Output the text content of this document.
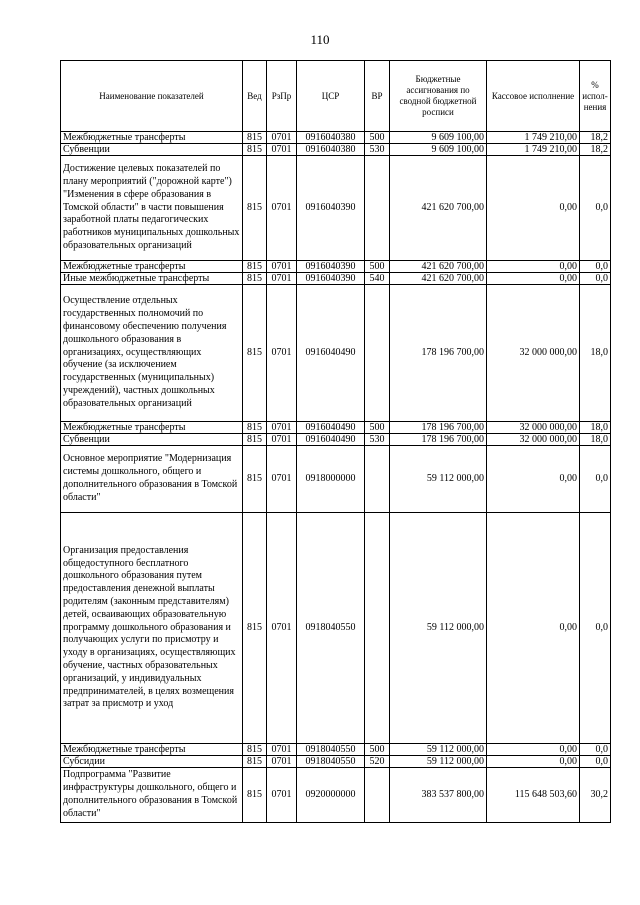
110
Наименование показателей	Вед	РзПр	ЦСР	ВР	Бюджетные ассигнования по сводной бюджетной росписи	Кассовое исполнение	% испол-нения
Межбюджетные трансферты	815	0701	0916040380	500	9 609 100,00	1 749 210,00	18,2
Субвенции	815	0701	0916040380	530	9 609 100,00	1 749 210,00	18,2

Достижение целевых показателей по плану мероприятий ("дорожной карте") "Изменения в сфере образования в Томской области" в части повышения заработной платы педагогических работников муниципальных дошкольных образовательных организаций	815	0701	0916040390		421 620 700,00	0,00	0,0
Межбюджетные трансферты	815	0701	0916040390	500	421 620 700,00	0,00	0,0
Иные межбюджетные трансферты	815	0701	0916040390	540	421 620 700,00	0,00	0,0
Осуществление отдельных государственных полномочий по финансовому обеспечению получения дошкольного образования в организациях, осуществляющих обучение (за исключением государственных (муниципальных) учреждений), частных дошкольных образовательных организаций	815	0701	0916040490		178 196 700,00	32 000 000,00	18,0
Межбюджетные трансферты	815	0701	0916040490	500	178 196 700,00	32 000 000,00	18,0
Субвенции	815	0701	0916040490	530	178 196 700,00	32 000 000,00	18,0
Основное мероприятие "Модернизация системы дошкольного, общего и дополнительного образования в Томской области"	815	0701	0918000000		59 112 000,00	0,00	0,0
Организация предоставления общедоступного бесплатного дошкольного образования путем предоставления денежной выплаты родителям (законным представителям) детей, осваивающих образовательную программу дошкольного образования и получающих услуги по присмотру и уходу в организациях, осуществляющих обучение, частных образовательных организаций, у индивидуальных предпринимателей, в целях возмещения затрат за присмотр и уход	815	0701	0918040550		59 112 000,00	0,00	0,0
Межбюджетные трансферты	815	0701	0918040550	500	59 112 000,00	0,00	0,0
Субсидии	815	0701	0918040550	520	59 112 000,00	0,00	0,0
Подпрограмма "Развитие инфраструктуры дошкольного, общего и дополнительного образования в Томской области"	815	0701	0920000000		383 537 800,00	115 648 503,60	30,2
